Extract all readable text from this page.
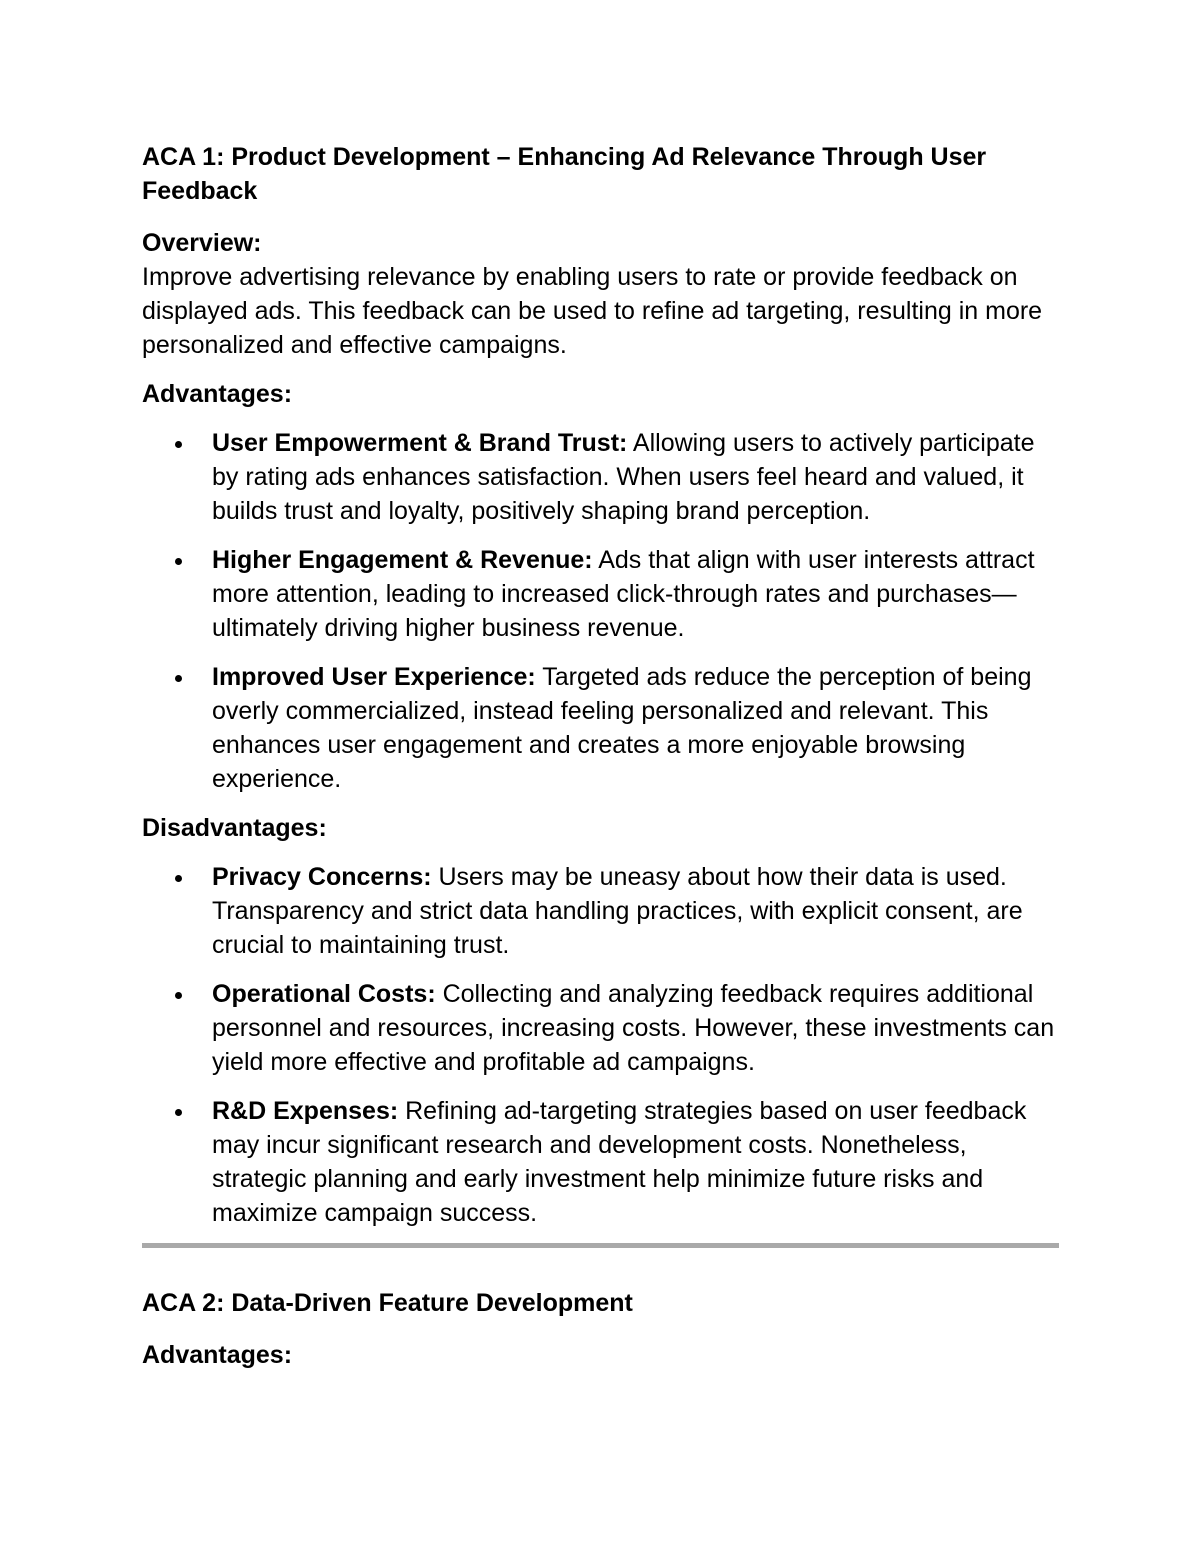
ACA 1: Product Development – Enhancing Ad Relevance Through User Feedback

Overview:

Improve advertising relevance by enabling users to rate or provide feedback on displayed ads. This feedback can be used to refine ad targeting, resulting in more personalized and effective campaigns.

Advantages:

User Empowerment & Brand Trust: Allowing users to actively participate by rating ads enhances satisfaction. When users feel heard and valued, it builds trust and loyalty, positively shaping brand perception.
Higher Engagement & Revenue: Ads that align with user interests attract more attention, leading to increased click-through rates and purchases—ultimately driving higher business revenue.
Improved User Experience: Targeted ads reduce the perception of being overly commercialized, instead feeling personalized and relevant. This enhances user engagement and creates a more enjoyable browsing experience.

Disadvantages:

Privacy Concerns: Users may be uneasy about how their data is used. Transparency and strict data handling practices, with explicit consent, are crucial to maintaining trust.
Operational Costs: Collecting and analyzing feedback requires additional personnel and resources, increasing costs. However, these investments can yield more effective and profitable ad campaigns.
R&D Expenses: Refining ad-targeting strategies based on user feedback may incur significant research and development costs. Nonetheless, strategic planning and early investment help minimize future risks and maximize campaign success.

ACA 2: Data-Driven Feature Development

Advantages:
